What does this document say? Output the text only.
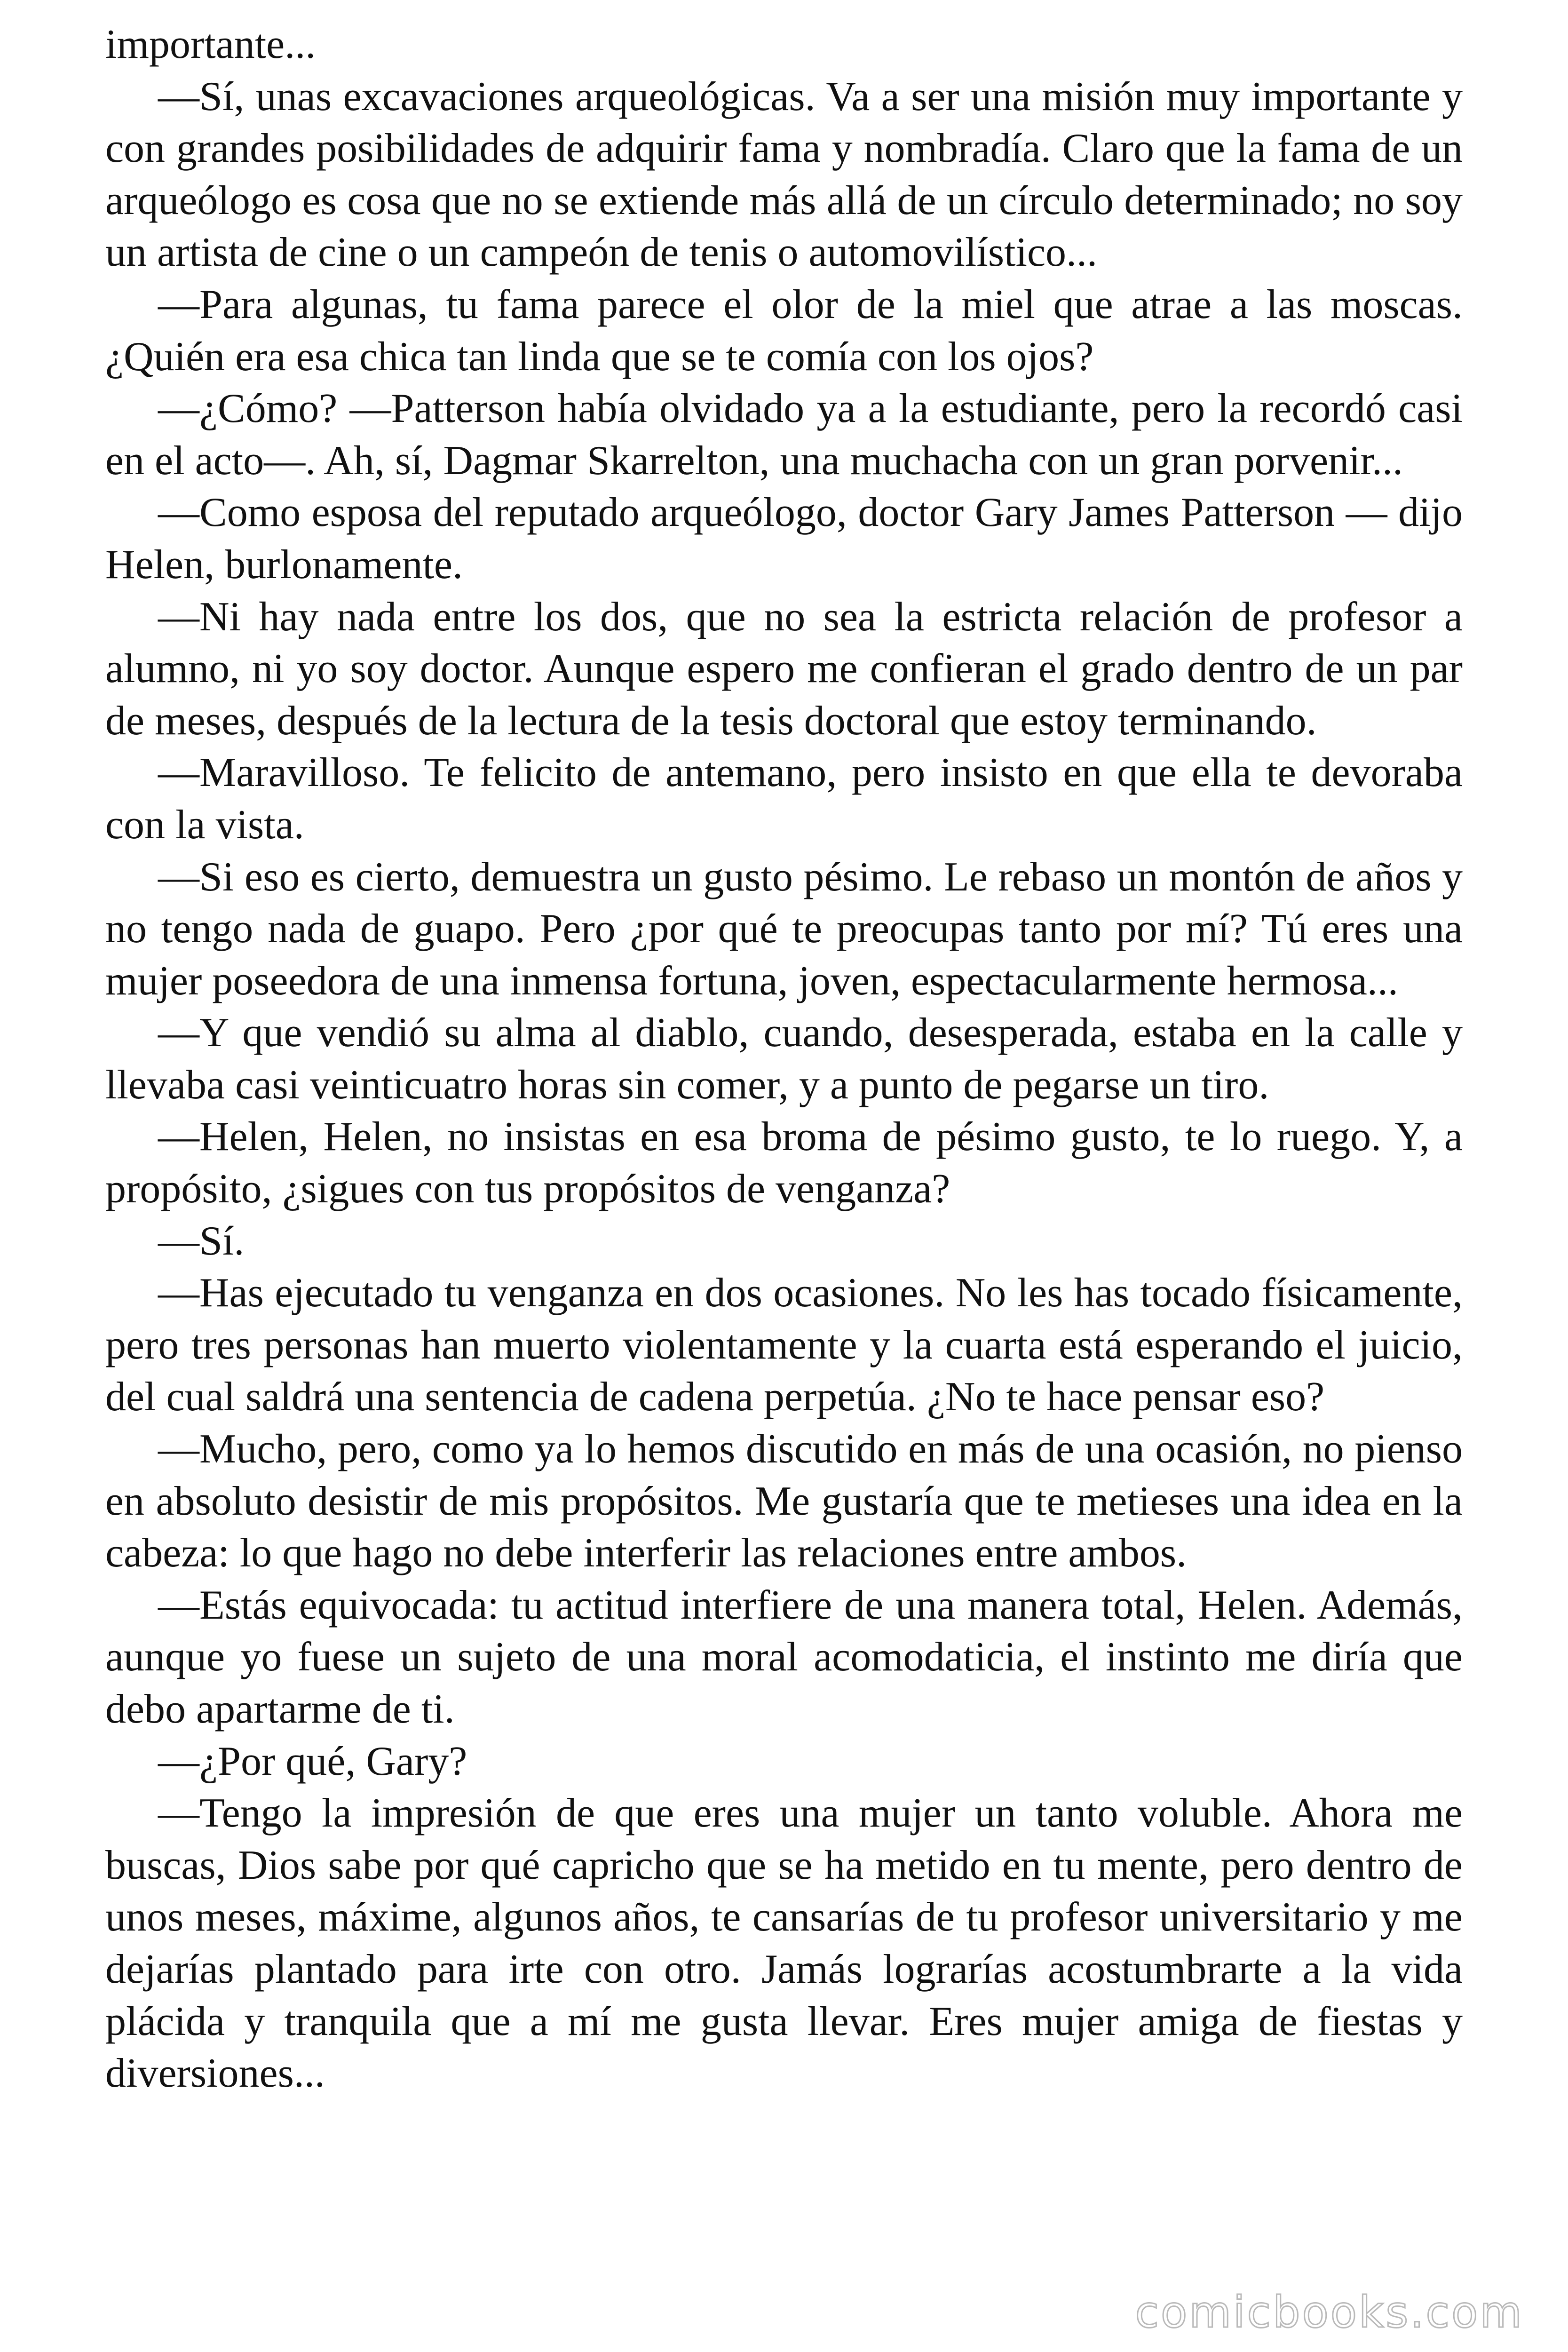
importante...

—Sí, unas excavaciones arqueológicas. Va a ser una misión muy importante y con grandes posibilidades de adquirir fama y nombradía. Claro que la fama de un arqueólogo es cosa que no se extiende más allá de un círculo determinado; no soy un artista de cine o un campeón de tenis o automovilístico...

—Para algunas, tu fama parece el olor de la miel que atrae a las moscas. ¿Quién era esa chica tan linda que se te comía con los ojos?

—¿Cómo? —Patterson había olvidado ya a la estudiante, pero la recordó casi en el acto—. Ah, sí, Dagmar Skarrelton, una muchacha con un gran porvenir...

—Como esposa del reputado arqueólogo, doctor Gary James Patterson — dijo Helen, burlonamente.

—Ni hay nada entre los dos, que no sea la estricta relación de profesor a alumno, ni yo soy doctor. Aunque espero me confieran el grado dentro de un par de meses, después de la lectura de la tesis doctoral que estoy terminando.

—Maravilloso. Te felicito de antemano, pero insisto en que ella te devoraba con la vista.

—Si eso es cierto, demuestra un gusto pésimo. Le rebaso un montón de años y no tengo nada de guapo. Pero ¿por qué te preocupas tanto por mí? Tú eres una mujer poseedora de una inmensa fortuna, joven, espectacularmente hermosa...

—Y que vendió su alma al diablo, cuando, desesperada, estaba en la calle y llevaba casi veinticuatro horas sin comer, y a punto de pegarse un tiro.

—Helen, Helen, no insistas en esa broma de pésimo gusto, te lo ruego. Y, a propósito, ¿sigues con tus propósitos de venganza?

—Sí.

—Has ejecutado tu venganza en dos ocasiones. No les has tocado físicamente, pero tres personas han muerto violentamente y la cuarta está esperando el juicio, del cual saldrá una sentencia de cadena perpetúa. ¿No te hace pensar eso?

—Mucho, pero, como ya lo hemos discutido en más de una ocasión, no pienso en absoluto desistir de mis propósitos. Me gustaría que te metieses una idea en la cabeza: lo que hago no debe interferir las relaciones entre ambos.

—Estás equivocada: tu actitud interfiere de una manera total, Helen. Además, aunque yo fuese un sujeto de una moral acomodaticia, el instinto me diría que debo apartarme de ti.

—¿Por qué, Gary?

—Tengo la impresión de que eres una mujer un tanto voluble. Ahora me buscas, Dios sabe por qué capricho que se ha metido en tu mente, pero dentro de unos meses, máxime, algunos años, te cansarías de tu profesor universitario y me dejarías plantado para irte con otro. Jamás lograrías acostumbrarte a la vida plácida y tranquila que a mí me gusta llevar. Eres mujer amiga de fiestas y diversiones...

comicbooks.com
